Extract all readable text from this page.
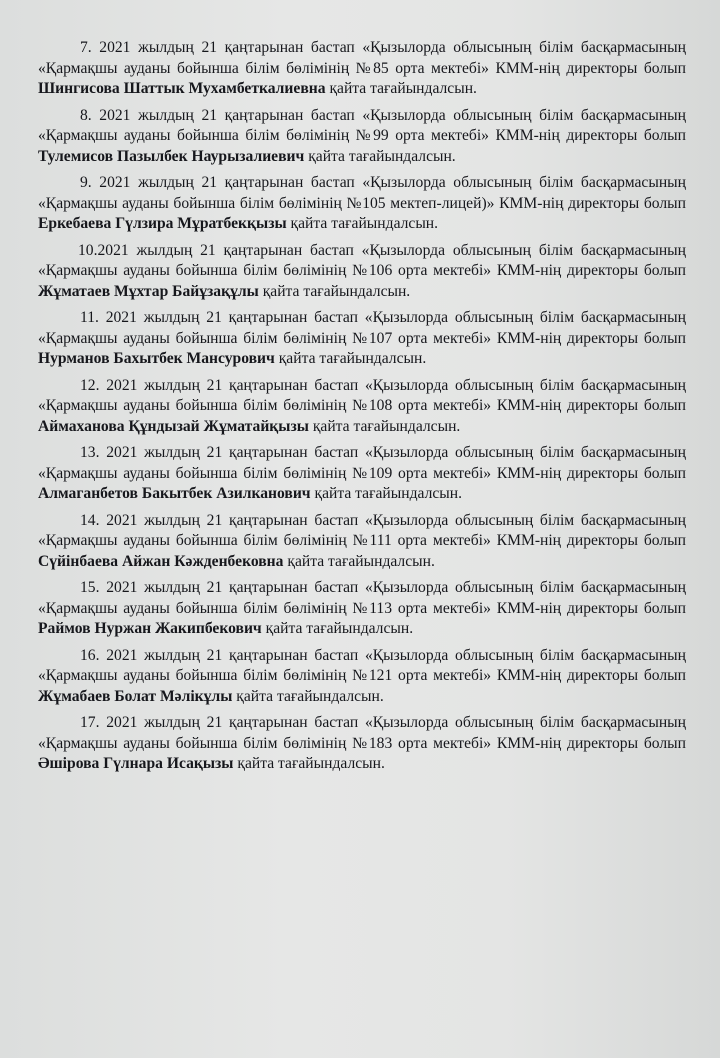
7. 2021 жылдың 21 қаңтарынан бастап «Қызылорда облысының білім басқармасының «Қармақшы ауданы бойынша білім бөлімінің №85 орта мектебі» КММ-нің директоры болып Шингисова Шаттык Мухамбеткалиевна қайта тағайындалсын.

8. 2021 жылдың 21 қаңтарынан бастап «Қызылорда облысының білім басқармасының «Қармақшы ауданы бойынша білім бөлімінің №99 орта мектебі» КММ-нің директоры болып Тулемисов Пазылбек Наурызалиевич қайта тағайындалсын.

9. 2021 жылдың 21 қаңтарынан бастап «Қызылорда облысының білім басқармасының «Қармақшы ауданы бойынша білім бөлімінің №105 мектеп-лицей)» КММ-нің директоры болып Еркебаева Гүлзира Мұратбекқызы қайта тағайындалсын.

10.2021 жылдың 21 қаңтарынан бастап «Қызылорда облысының білім басқармасының «Қармақшы ауданы бойынша білім бөлімінің №106 орта мектебі» КММ-нің директоры болып Жұматаев Мұхтар Байұзақұлы қайта тағайындалсын.

11. 2021 жылдың 21 қаңтарынан бастап «Қызылорда облысының білім басқармасының «Қармақшы ауданы бойынша білім бөлімінің №107 орта мектебі» КММ-нің директоры болып Нурманов Бахытбек Мансурович қайта тағайындалсын.

12. 2021 жылдың 21 қаңтарынан бастап «Қызылорда облысының білім басқармасының «Қармақшы ауданы бойынша білім бөлімінің №108 орта мектебі» КММ-нің директоры болып Аймаханова Құндызай Жұматайқызы қайта тағайындалсын.

13. 2021 жылдың 21 қаңтарынан бастап «Қызылорда облысының білім басқармасының «Қармақшы ауданы бойынша білім бөлімінің №109 орта мектебі» КММ-нің директоры болып Алмаганбетов Бакытбек Азилканович қайта тағайындалсын.

14. 2021 жылдың 21 қаңтарынан бастап «Қызылорда облысының білім басқармасының «Қармақшы ауданы бойынша білім бөлімінің №111 орта мектебі» КММ-нің директоры болып Сүйінбаева Айжан Кәжденбековна қайта тағайындалсын.

15. 2021 жылдың 21 қаңтарынан бастап «Қызылорда облысының білім басқармасының «Қармақшы ауданы бойынша білім бөлімінің №113 орта мектебі» КММ-нің директоры болып Раймов Нуржан Жакипбекович қайта тағайындалсын.

16. 2021 жылдың 21 қаңтарынан бастап «Қызылорда облысының білім басқармасының «Қармақшы ауданы бойынша білім бөлімінің №121 орта мектебі» КММ-нің директоры болып Жұмабаев Болат Мәлікұлы қайта тағайындалсын.

17. 2021 жылдың 21 қаңтарынан бастап «Қызылорда облысының білім басқармасының «Қармақшы ауданы бойынша білім бөлімінің №183 орта мектебі» КММ-нің директоры болып Әшірова Гүлнара Исақызы қайта тағайындалсын.
